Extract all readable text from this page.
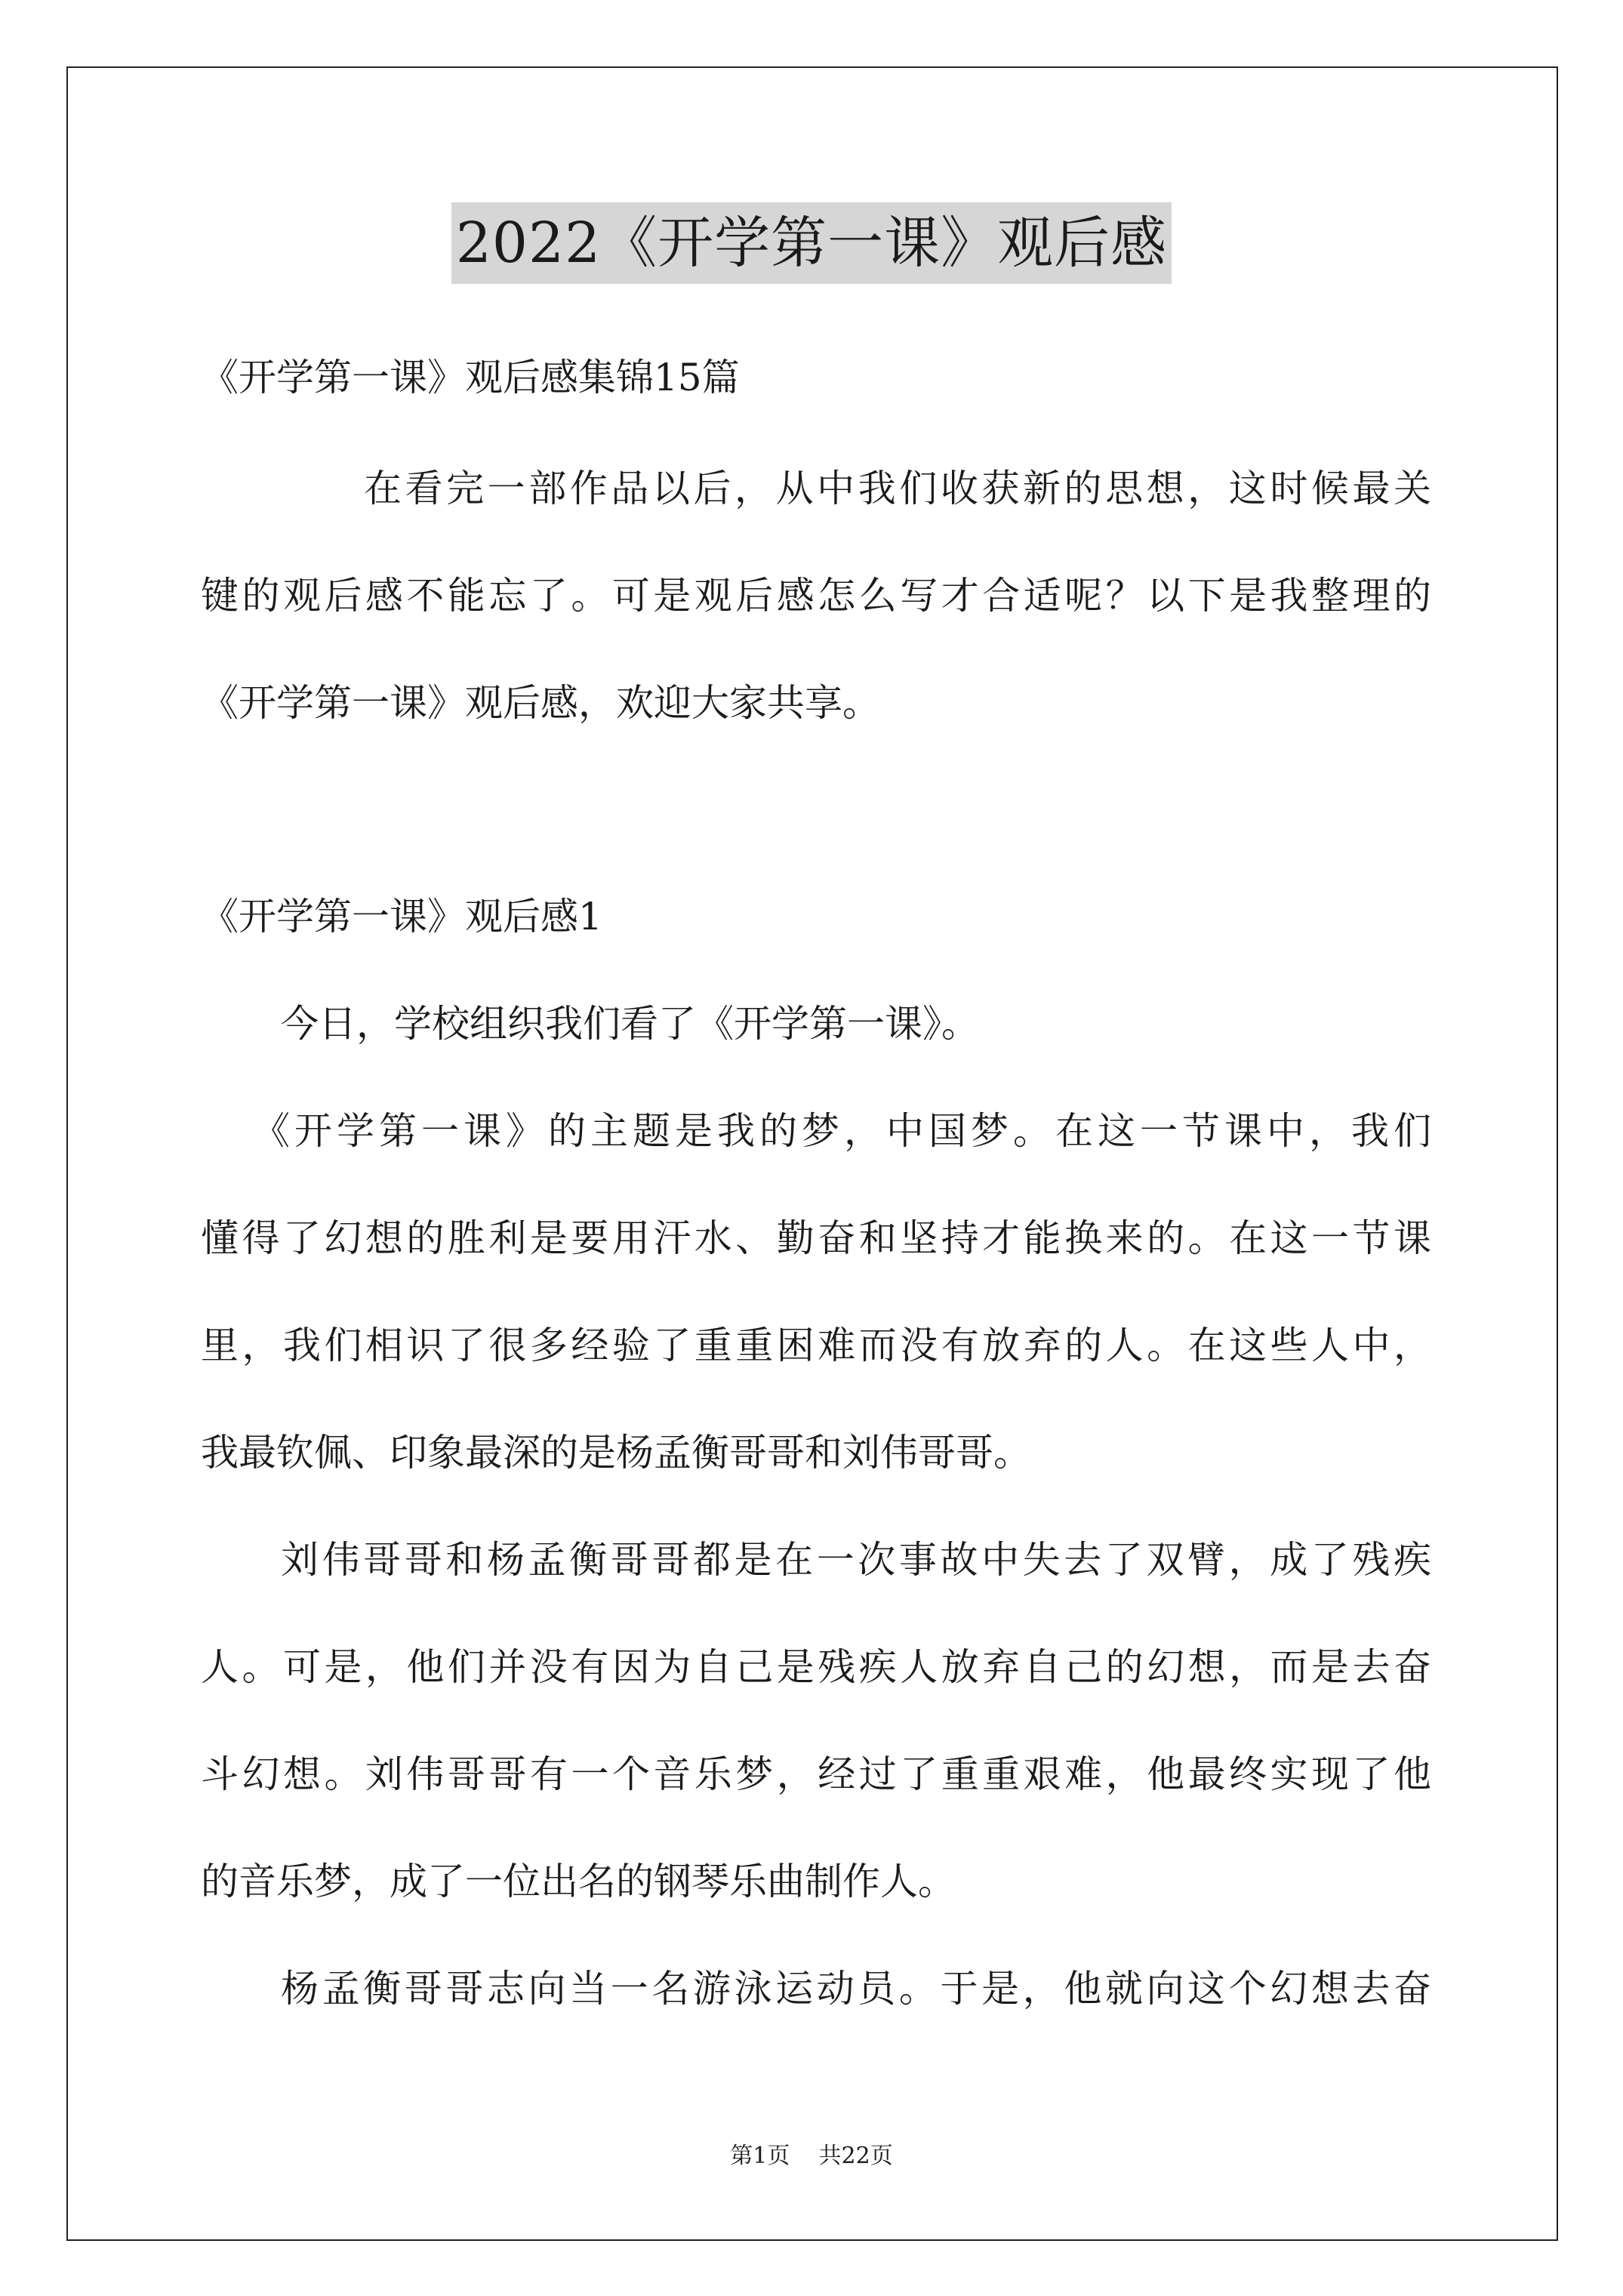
2022《开学第一课》观后感
《开学第一课》观后感集锦15篇
在看完一部作品以后，从中我们收获新的思想，这时候最关
键的观后感不能忘了。可是观后感怎么写才合适呢？以下是我整理的
《开学第一课》观后感，欢迎大家共享。
《开学第一课》观后感1
今日，学校组织我们看了《开学第一课》。
《开学第一课》的主题是我的梦，中国梦。在这一节课中，我们
懂得了幻想的胜利是要用汗水、勤奋和坚持才能换来的。在这一节课
里，我们相识了很多经验了重重困难而没有放弃的人。在这些人中，
我最钦佩、印象最深的是杨孟衡哥哥和刘伟哥哥。
刘伟哥哥和杨孟衡哥哥都是在一次事故中失去了双臂，成了残疾
人。可是，他们并没有因为自己是残疾人放弃自己的幻想，而是去奋
斗幻想。刘伟哥哥有一个音乐梦，经过了重重艰难，他最终实现了他
的音乐梦，成了一位出名的钢琴乐曲制作人。
杨孟衡哥哥志向当一名游泳运动员。于是，他就向这个幻想去奋
第1页 共22页
